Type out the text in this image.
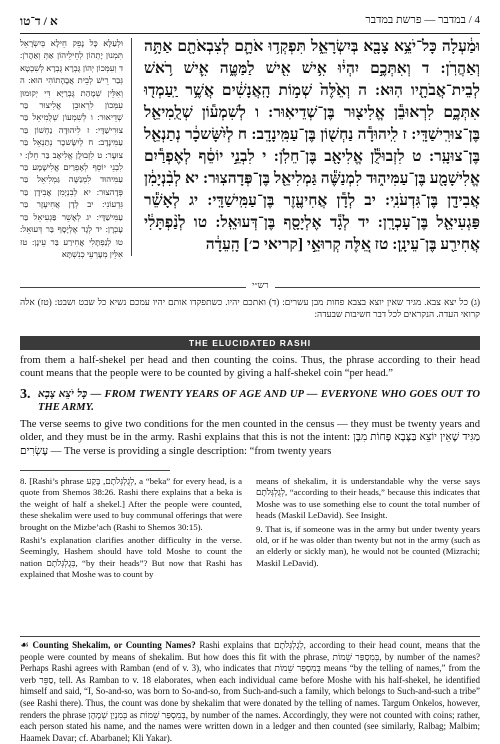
א / ד־טו	4 / במדבר — פרשת במדבר
וּלְעַלָּא כָּל נָפֵק חֵילָא בְּיִשְׂרָאֵל תִּמְנוּן יָתְהוֹן לְחֵילֵיהוֹן אַתְּ וְאַהֲרֹן: ד וְעִמְּכוֹן יְהוֹן גֻּבְרָא גֻּבְרָא לְשִׁבְטָא גְּבַר רֵישׁ לְבֵית אֲבָהָתוֹהִי הוּא: ה וְאִלֵּין שְׁמָהַת גֻּבְרַיָּא דִּי יְקוּמוּן עִמְּכוֹן לִרְאוּבֵן אֱלִיצוּר בַּר שְׁדֵיאוּר: ו לְשִׁמְעוֹן שְׁלֻמִיאֵל בַּר צוּרִישַׁדָּי: ז לִיהוּדָה נַחְשׁוֹן בַּר עַמִּינָדָב: ח לְיִשָּׂשכָר נְתַנְאֵל בַּר צוּעָר: ט לִזְבוּלֻן אֱלִיאָב בַּר חֵלֹן: י לִבְנֵי יוֹסֵף לְאֶפְרַיִם אֱלִישָׁמָע בַּר עַמִּיהוּד לִמְנַשֶּׁה גַּמְלִיאֵל בַּר פְּדָהצוּר: יא לְבִנְיָמִן אֲבִידָן בַּר גִּדְעוֹנִי: יב לְדָן אֲחִיעֶזֶר בַּר עַמִּישַׁדָּי: יג לְאָשֵׁר פַּגְעִיאֵל בַּר עָכְרָן: יד לְגָד אֶלְיָסָף בַּר דְּעוּאֵל: טו לְנַפְתָּלִי אֲחִירַע בַּר עֵינָן: טז אִלֵּין מְעָרְעֵי כְנִשְׁתָּא
וּמַ֔עְלָה כָּל־יֹצֵ֥א צָבָ֖א בְּיִשְׂרָאֵ֑ל תִּפְקְד֥וּ אֹתָ֛ם לְצִבְאֹתָ֖ם אַתָּ֥ה וְאַהֲרֹֽן: ד וְאִתְּכֶ֣ם יִהְי֔וּ אִ֥ישׁ אִ֖ישׁ לַמַּטֶּ֑ה אִ֛ישׁ רֹ֥אשׁ לְבֵית־אֲבֹתָ֖יו הֽוּא: ה וְאֵ֙לֶּה֙ שְׁמ֣וֹת הָֽאֲנָשִׁ֔ים אֲשֶׁ֥ר יַֽעַמְד֖וּ אִתְּכֶ֑ם לִרְאוּבֵ֕ן אֱלִיצ֖וּר בֶּן־שְׁדֵיאֽוּר: ו לְשִׁמְע֕וֹן שְׁלֻֽמִיאֵ֖ל בֶּן־צוּרִֽישַׁדָּֽי: ז לִֽיהוּדָ֕ה נַחְשׁ֖וֹן בֶּן־עַמִּֽינָדָֽב: ח לְיִ֨שָּׂשכָ֔ר נְתַנְאֵ֖ל בֶּן־צוּעָֽר: ט לִזְבוּלֻ֕ן אֱלִיאָ֖ב בֶּן־חֵלֹֽן: י לִבְנֵ֣י יוֹסֵ֔ף לְאֶפְרַ֕יִם אֱלִישָׁמָ֖ע בֶּן־עַמִּיה֑וּד לִמְנַשֶּׁ֕ה גַּמְלִיאֵ֖ל בֶּן־פְּדָהצֽוּר: יא לְבִ֨נְיָמִ֔ן אֲבִידָ֖ן בֶּן־גִּדְעֹנִֽי: יב לְדָ֕ן אֲחִיעֶ֖זֶר בֶּן־עַמִּֽישַׁדָּֽי: יג לְאָשֵׁ֕ר פַּגְעִיאֵ֖ל בֶּן־עָכְרָֽן: יד לְגָ֕ד אֶלְיָסָ֖ף בֶּן־דְּעוּאֵֽל: טו לְנַ֨פְתָּלִ֔י אֲחִירַ֖ע בֶּן־עֵינָֽן: טז אֵ֚לֶּה קְרוּאֵ֣י [קריאי כ׳] הָֽעֵדָ֔ה
רש״י
(ג) כל יצא צבא. מגיד שאין יוצא בצבא פחות מבן עשרים: (ד) ואתכם יהיו. כשתפקדו אותם יהיו עמכם נשיא כל שבט ושבט: (טז) אלה קרואי העדה. הנקראים לכל דבר חשיבות שבעדה:
THE ELUCIDATED RASHI
from them a half-shekel per head and then counting the coins. Thus, the phrase according to their head count means that the people were to be counted by giving a half-shekel coin “per head.”
3. כָּל יֹצֵא צָבָא — FROM TWENTY YEARS OF AGE AND UP — EVERYONE WHO GOES OUT TO THE ARMY.
The verse seems to give two conditions for the men counted in the census — they must be twenty years and older, and they must be in the army. Rashi explains that this is not the intent: מַגִּיד שֶׁאֵין יוֹצֵא בַּצָּבָא פָּחוֹת מִבֶּן עֶשְׂרִים — The verse is providing a single description: “from twenty years

8. [Rashi’s phrase לְגֻלְגְּלֹתָם, בֶּקַע, a “beka” for every head, is a quote from Shemos 38:26. Rashi there explains that a beka is the weight of half a shekel.] After the people were counted, these shekalim were used to buy communal offerings that were brought on the Mizbe’ach (Rashi to Shemos 30:15).

Rashi’s explanation clarifies another difficulty in the verse. Seemingly, Hashem should have told Moshe to count the nation בְּגֻלְגְּלֹתָם, “by their heads”? But now that Rashi has explained that Moshe was to count by

means of shekalim, it is understandable why the verse says לְגֻלְגְּלֹתָם, “according to their heads,” because this indicates that Moshe was to use something else to count the total number of heads (Maskil LeDavid). See Insight.

9. That is, if someone was in the army but under twenty years old, or if he was older than twenty but not in the army (such as an elderly or sickly man), he would not be counted (Mizrachi; Maskil LeDavid).

☙ Counting Shekalim, or Counting Names? Rashi explains that לְגֻלְגְּלֹתָם, according to their head count, means that the people were counted by means of shekalim. But how does this fit with the phrase, בְּמִסְפַּר שֵׁמוֹת, by number of the names? Perhaps Rashi agrees with Ramban (end of v. 3), who indicates that בְּמִסְפַּר שֵׁמוֹת means “by the telling of names,” from the verb סַפֵּר, tell. As Ramban to v. 18 elaborates, when each individual came before Moshe with his half-shekel, he identified himself and said, “I, So-and-so, was born to So-and-so, from Such-and-such a family, which belongs to Such-and-such a tribe” (see Rashi there). Thus, the count was done by shekalim that were donated by the telling of names. Targum Onkelos, however, renders the phrase בְּמִנְיַן שְׁמָהָן as בְּמִסְפַּר שֵׁמוֹת, by number of the names. Accordingly, they were not counted with coins; rather, each person stated his name, and the names were written down in a ledger and then counted (see similarly, Ralbag; Malbim; Haamek Davar; cf. Abarbanel; Kli Yakar).
